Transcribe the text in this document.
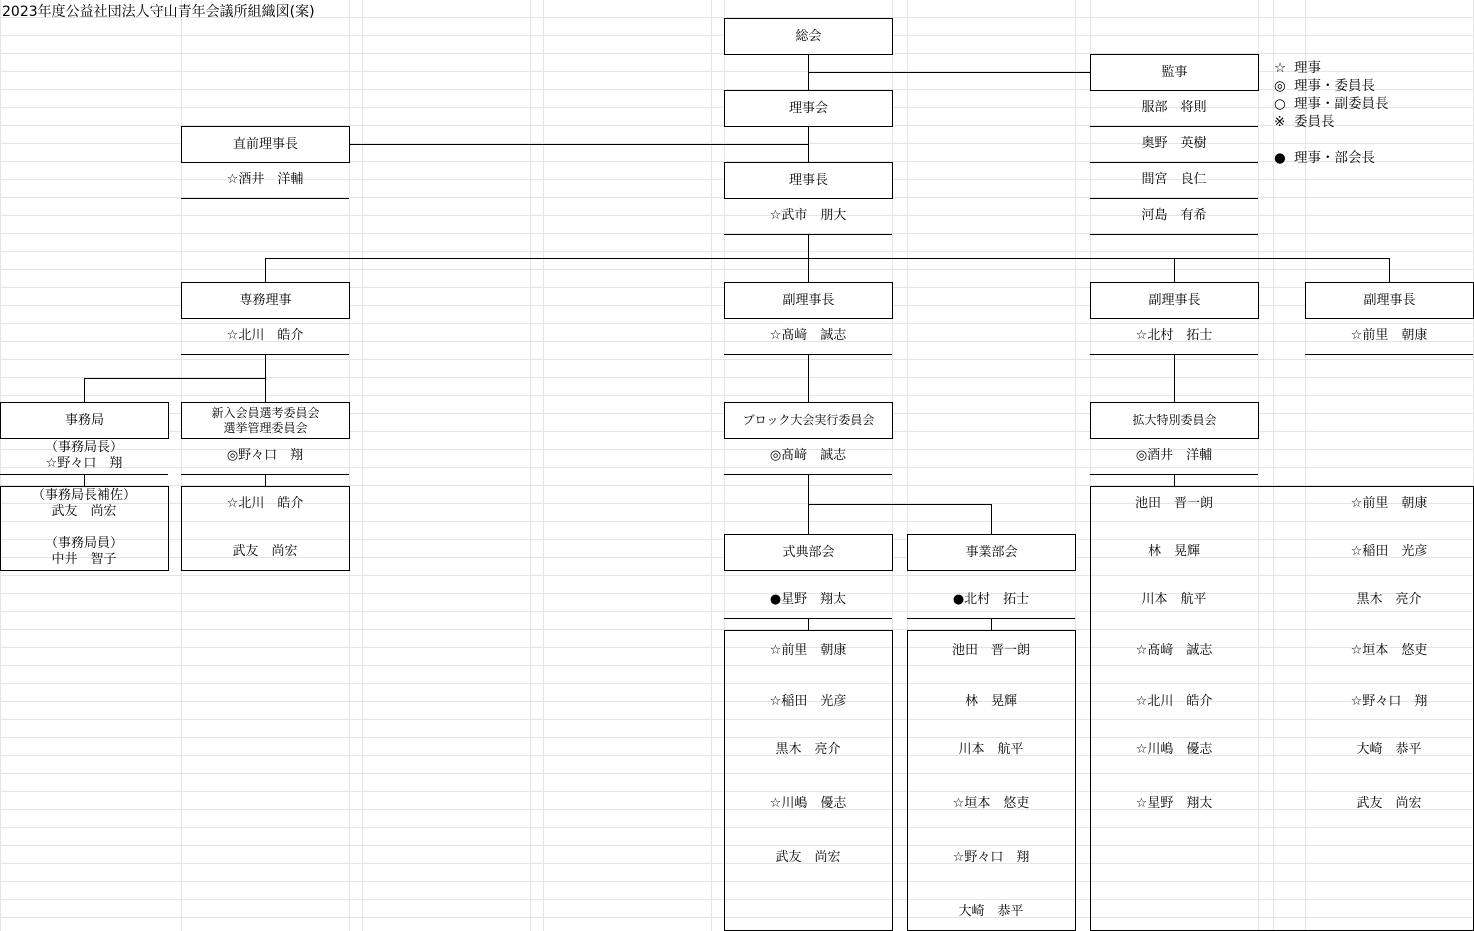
2023年度公益社団法人守山青年会議所組織図(案)
総会
理事会
監事
服部　将則
奥野　英樹
間宮　良仁
河島　有希
直前理事長
☆酒井　洋輔	理事長
☆武市　朋大
☆ 理事
◎ 理事・委員長
○ 理事・副委員長
※ 委員長
● 理事・部会長
専務理事
☆北川　皓介
副理事長
☆髙﨑　誠志
副理事長
☆北村　拓士
副理事長
☆前里　朝康
事務局
（事務局長）
☆野々口　翔
（事務局長補佐）
武友　尚宏
（事務局員）
中井　智子
新入会員選考委員会
選挙管理委員会
◎野々口　翔
☆北川　皓介
武友　尚宏
ブロック大会実行委員会
◎髙﨑　誠志
式典部会
●星野　翔太
☆前里　朝康
☆稲田　光彦
黒木　亮介
☆川嶋　優志
武友　尚宏
事業部会
●北村　拓士
池田　晋一朗
林　晃輝
川本　航平
☆垣本　悠吏
☆野々口　翔
大崎　恭平
拡大特別委員会
◎酒井　洋輔
池田　晋一朗
林　晃輝
川本　航平
☆髙﨑　誠志
☆北川　皓介
☆川嶋　優志
☆星野　翔太
☆前里　朝康
☆稲田　光彦
黒木　亮介
☆垣本　悠吏
☆野々口　翔
大崎　恭平
武友　尚宏
